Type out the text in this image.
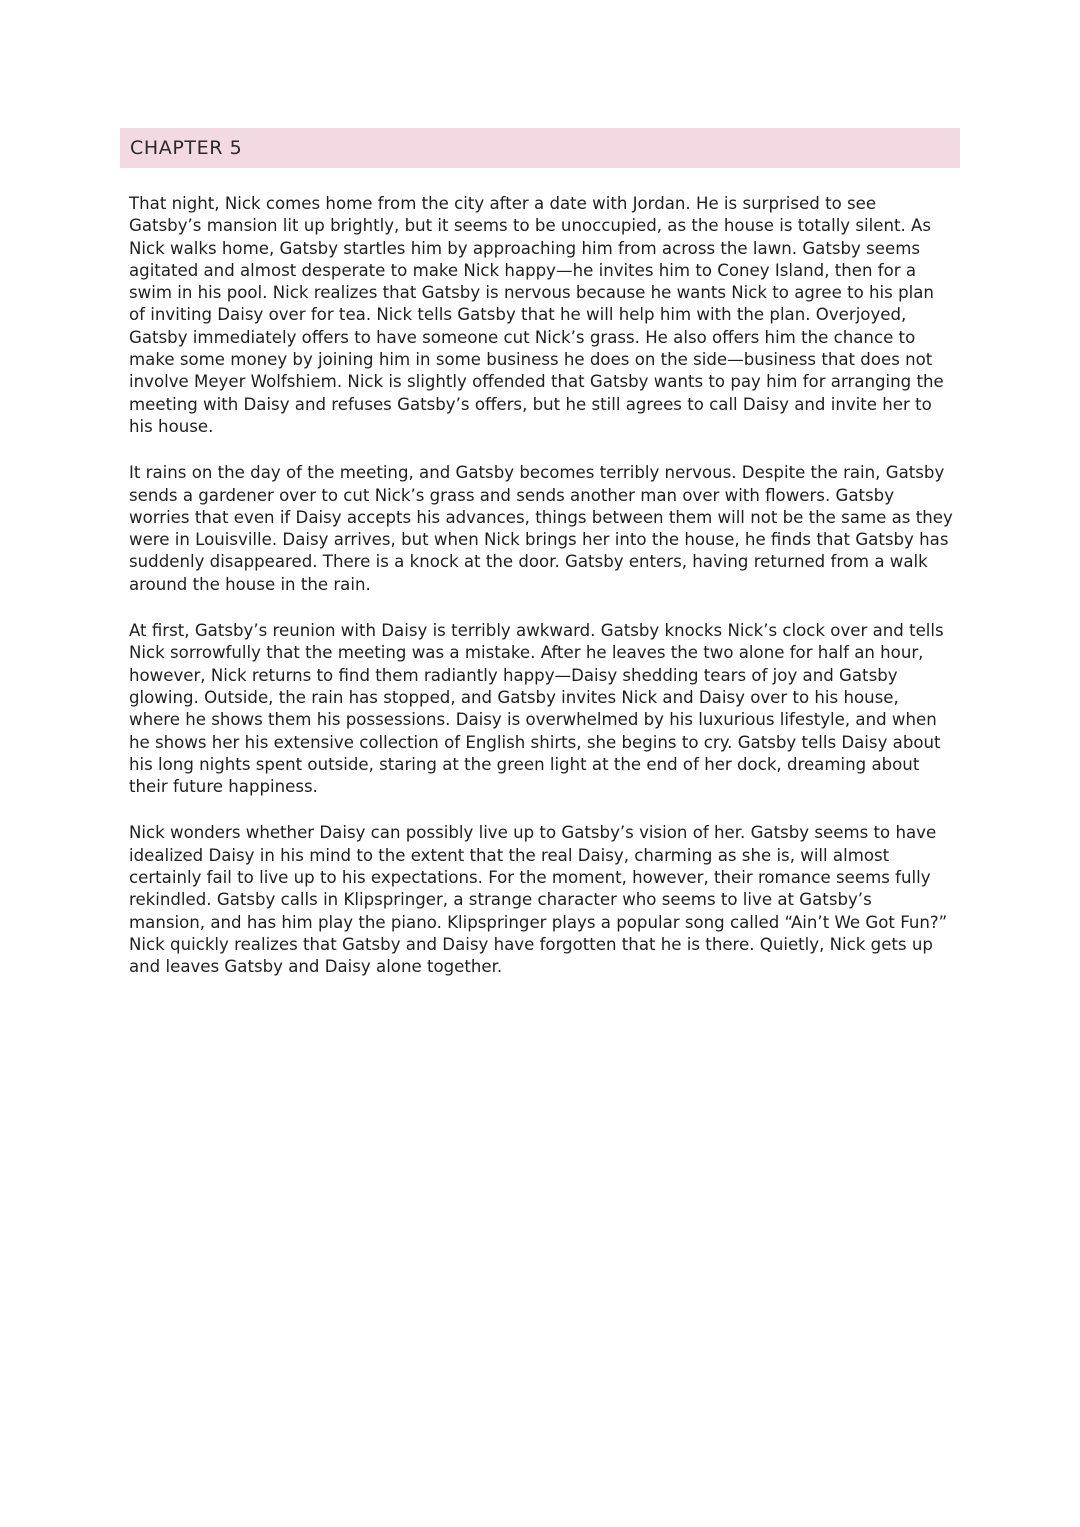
CHAPTER 5

That night, Nick comes home from the city after a date with Jordan. He is surprised to see Gatsby’s mansion lit up brightly, but it seems to be unoccupied, as the house is totally silent. As Nick walks home, Gatsby startles him by approaching him from across the lawn. Gatsby seems agitated and almost desperate to make Nick happy—he invites him to Coney Island, then for a swim in his pool. Nick realizes that Gatsby is nervous because he wants Nick to agree to his plan of inviting Daisy over for tea. Nick tells Gatsby that he will help him with the plan. Overjoyed, Gatsby immediately offers to have someone cut Nick’s grass. He also offers him the chance to make some money by joining him in some business he does on the side—business that does not involve Meyer Wolfshiem. Nick is slightly offended that Gatsby wants to pay him for arranging the meeting with Daisy and refuses Gatsby’s offers, but he still agrees to call Daisy and invite her to his house.

It rains on the day of the meeting, and Gatsby becomes terribly nervous. Despite the rain, Gatsby sends a gardener over to cut Nick’s grass and sends another man over with flowers. Gatsby worries that even if Daisy accepts his advances, things between them will not be the same as they were in Louisville. Daisy arrives, but when Nick brings her into the house, he finds that Gatsby has suddenly disappeared. There is a knock at the door. Gatsby enters, having returned from a walk around the house in the rain.

At first, Gatsby’s reunion with Daisy is terribly awkward. Gatsby knocks Nick’s clock over and tells Nick sorrowfully that the meeting was a mistake. After he leaves the two alone for half an hour, however, Nick returns to find them radiantly happy—Daisy shedding tears of joy and Gatsby glowing. Outside, the rain has stopped, and Gatsby invites Nick and Daisy over to his house, where he shows them his possessions. Daisy is overwhelmed by his luxurious lifestyle, and when he shows her his extensive collection of English shirts, she begins to cry. Gatsby tells Daisy about his long nights spent outside, staring at the green light at the end of her dock, dreaming about their future happiness.

Nick wonders whether Daisy can possibly live up to Gatsby’s vision of her. Gatsby seems to have idealized Daisy in his mind to the extent that the real Daisy, charming as she is, will almost certainly fail to live up to his expectations. For the moment, however, their romance seems fully rekindled. Gatsby calls in Klipspringer, a strange character who seems to live at Gatsby’s mansion, and has him play the piano. Klipspringer plays a popular song called “Ain’t We Got Fun?” Nick quickly realizes that Gatsby and Daisy have forgotten that he is there. Quietly, Nick gets up and leaves Gatsby and Daisy alone together.
